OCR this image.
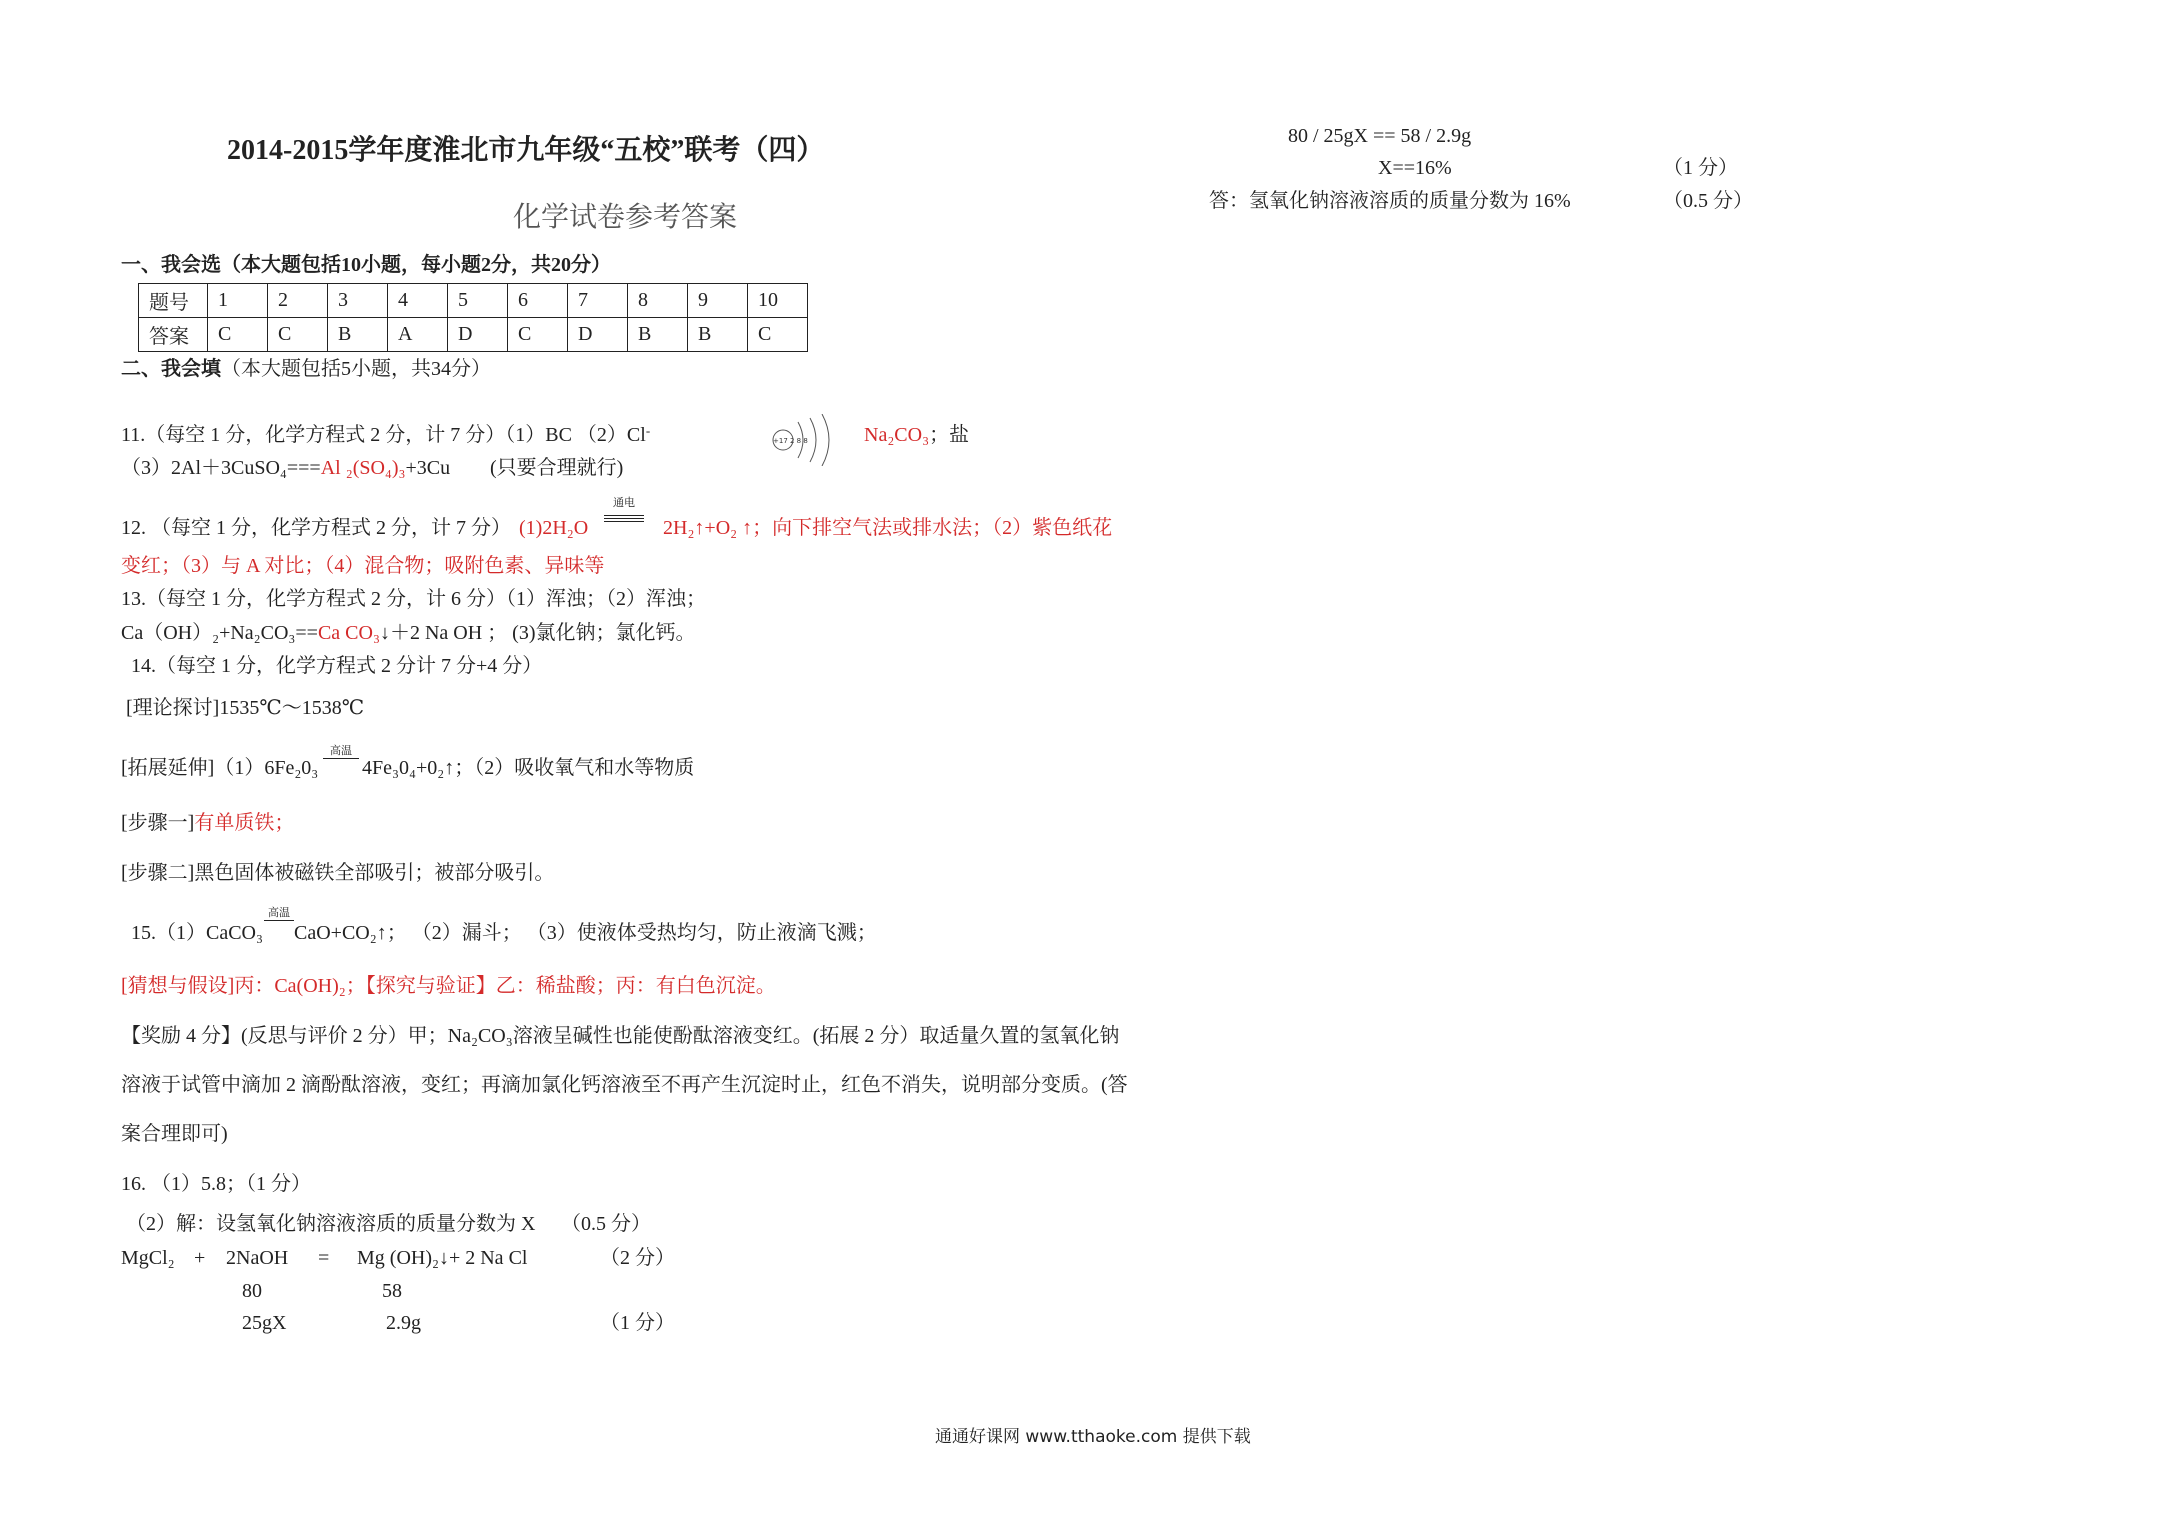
2014-2015学年度淮北市九年级“五校”联考（四）
化学试卷参考答案
一、我会选（本大题包括10小题，每小题2分，共20分）
题号	1	2	3	4	5	6	7	8	9	10
答案	C	C	B	A	D	C	D	B	B	C
二、我会填（本大题包括5小题，共34分）
11.（每空 1 分，化学方程式 2 分，计 7 分）（1）BC （2）Cl-
+17 2 8 8	Na₂CO₃；盐
（3）2Al＋3CuSO₄===Al ₂(SO₄)₃+3Cu (只要合理就行)
12. （每空 1 分，化学方程式 2 分，计 7 分） (1)2H₂O
通电
2H₂↑+O₂ ↑；向下排空气法或排水法；（2）紫色纸花
变红；（3）与 A 对比；（4）混合物；吸附色素、异味等
13.（每空 1 分，化学方程式 2 分，计 6 分）（1）浑浊；（2）浑浊；
Ca（OH）₂+Na₂CO₃==Ca CO₃↓＋2 Na OH ； (3)氯化钠；氯化钙。
14.（每空 1 分，化学方程式 2 分计 7 分+4 分）
[理论探讨]1535℃～1538℃
[拓展延伸]（1）6Fe₂0₃
高温
4Fe₃0₄+0₂↑；（2）吸收氧气和水等物质
[步骤一]有单质铁；
[步骤二]黑色固体被磁铁全部吸引；被部分吸引。
15.（1）CaCO₃
高温
CaO+CO₂↑； （2）漏斗； （3）使液体受热均匀，防止液滴飞溅；
[猜想与假设]丙：Ca(OH)₂；【探究与验证】乙：稀盐酸；丙：有白色沉淀。
【奖励 4 分】(反思与评价 2 分）甲；Na₂CO₃溶液呈碱性也能使酚酞溶液变红。(拓展 2 分）取适量久置的氢氧化钠
溶液于试管中滴加 2 滴酚酞溶液，变红；再滴加氯化钙溶液至不再产生沉淀时止，红色不消失，说明部分变质。(答
案合理即可)
16. （1）5.8；（1 分）
（2）解：设氢氧化钠溶液溶质的质量分数为 X （0.5 分）
MgCl₂ + 2NaOH = Mg (OH)₂↓+ 2 Na Cl	（2 分）
80	58
25gX	2.9g	（1 分）
80 / 25gX == 58 / 2.9g
X==16%	（1 分）
答：氢氧化钠溶液溶质的质量分数为 16%	（0.5 分）
通通好课网 www.tthaoke.com 提供下载
